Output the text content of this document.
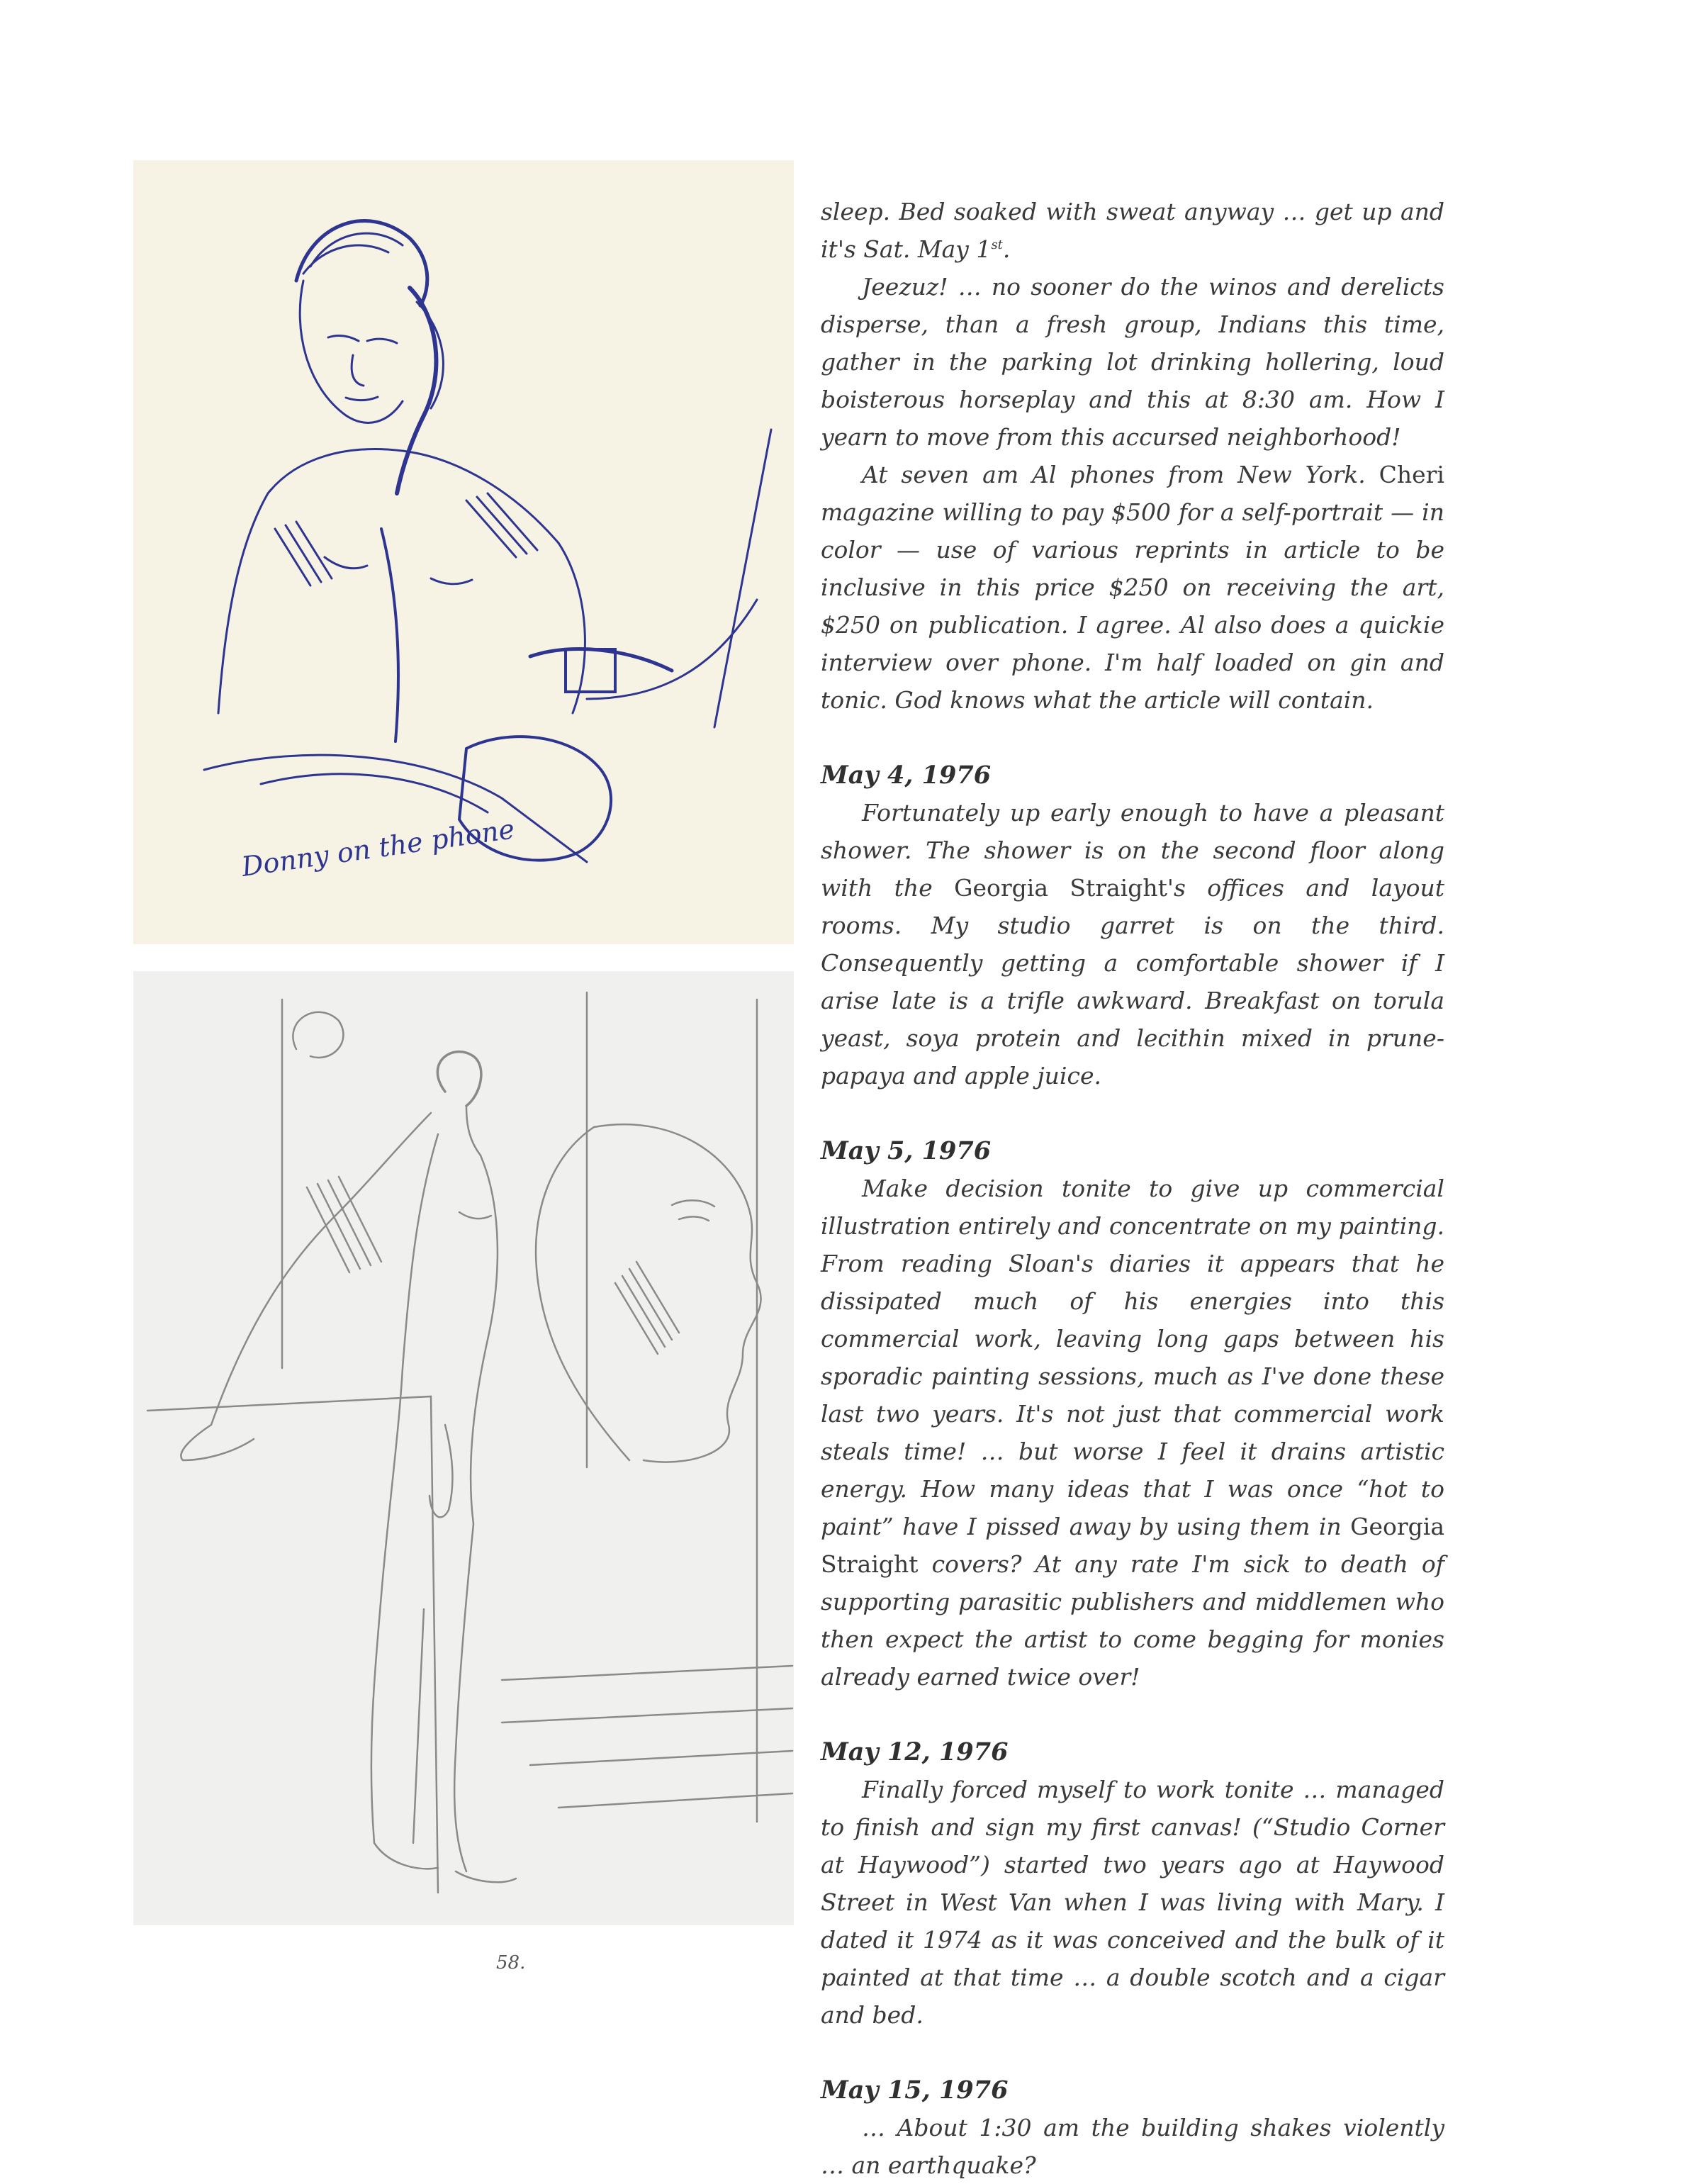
Donny on the phone

sleep. Bed soaked with sweat anyway … get up and it's Sat. May 1st.

Jeezuz! … no sooner do the winos and derelicts disperse, than a fresh group, Indians this time, gather in the parking lot drinking hollering, loud boisterous horseplay and this at 8:30 am. How I yearn to move from this accursed neighborhood!

At seven am Al phones from New York. Cheri magazine willing to pay $500 for a self-portrait — in color — use of various reprints in article to be inclusive in this price $250 on receiving the art, $250 on publication. I agree. Al also does a quickie interview over phone. I'm half loaded on gin and tonic. God knows what the article will contain.

May 4, 1976

Fortunately up early enough to have a pleasant shower. The shower is on the second floor along with the Georgia Straight's offices and layout rooms. My studio garret is on the third. Consequently getting a comfortable shower if I arise late is a trifle awkward. Breakfast on torula yeast, soya protein and lecithin mixed in prune-papaya and apple juice.

May 5, 1976

Make decision tonite to give up commercial illustration entirely and concentrate on my painting. From reading Sloan's diaries it appears that he dissipated much of his energies into this commercial work, leaving long gaps between his sporadic painting sessions, much as I've done these last two years. It's not just that commercial work steals time! … but worse I feel it drains artistic energy. How many ideas that I was once “hot to paint” have I pissed away by using them in Georgia Straight covers? At any rate I'm sick to death of supporting parasitic publishers and middlemen who then expect the artist to come begging for monies already earned twice over!

May 12, 1976

Finally forced myself to work tonite … managed to finish and sign my first canvas! (“Studio Corner at Haywood”) started two years ago at Haywood Street in West Van when I was living with Mary. I dated it 1974 as it was conceived and the bulk of it painted at that time … a double scotch and a cigar and bed.

May 15, 1976

… About 1:30 am the building shakes violently … an earthquake?

58.
